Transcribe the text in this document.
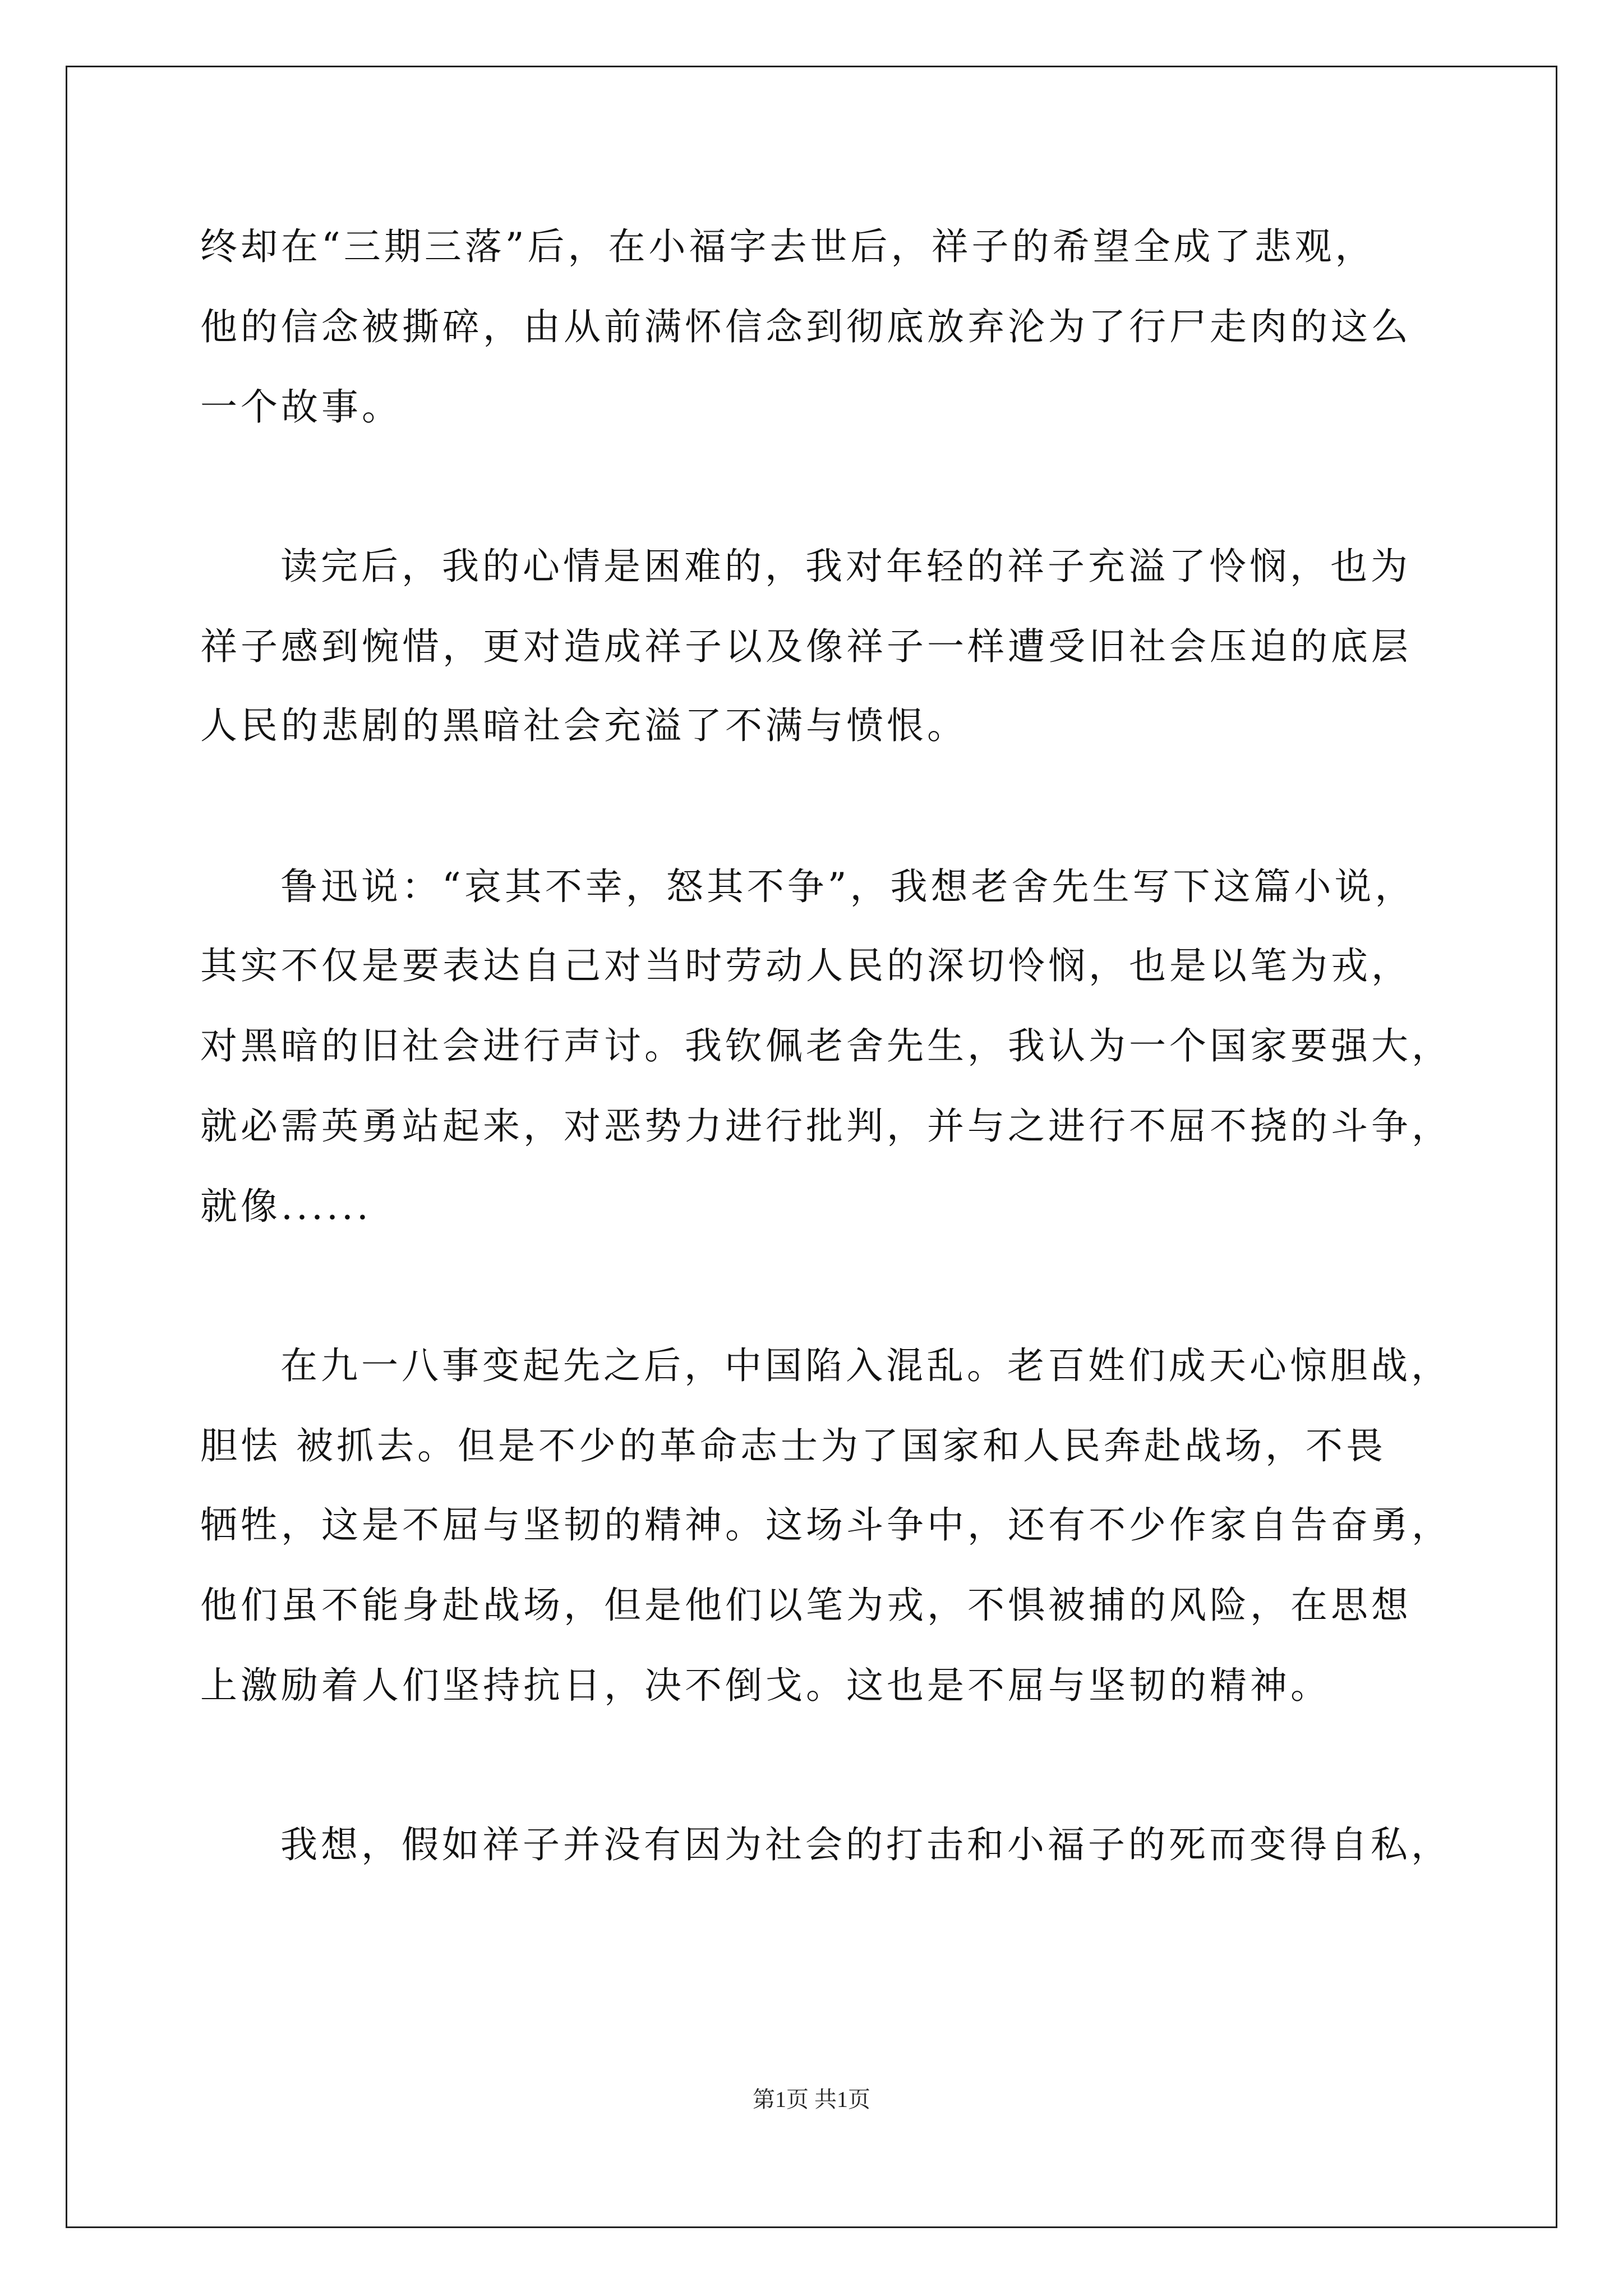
终却在“三期三落”后，在小福字去世后，祥子的希望全成了悲观，
他的信念被撕碎，由从前满怀信念到彻底放弃沦为了行尸走肉的这么
一个故事。
读完后，我的心情是困难的，我对年轻的祥子充溢了怜悯，也为
祥子感到惋惜，更对造成祥子以及像祥子一样遭受旧社会压迫的底层
人民的悲剧的黑暗社会充溢了不满与愤恨。
鲁迅说：“哀其不幸，怒其不争”，我想老舍先生写下这篇小说，
其实不仅是要表达自己对当时劳动人民的深切怜悯，也是以笔为戎，
对黑暗的旧社会进行声讨。我钦佩老舍先生，我认为一个国家要强大，
就必需英勇站起来，对恶势力进行批判，并与之进行不屈不挠的斗争，
就像......
在九一八事变起先之后，中国陷入混乱。老百姓们成天心惊胆战，
胆怯 被抓去。但是不少的革命志士为了国家和人民奔赴战场，不畏
牺牲，这是不屈与坚韧的精神。这场斗争中，还有不少作家自告奋勇，
他们虽不能身赴战场，但是他们以笔为戎，不惧被捕的风险，在思想
上激励着人们坚持抗日，决不倒戈。这也是不屈与坚韧的精神。
我想，假如祥子并没有因为社会的打击和小福子的死而变得自私，
第1页 共1页
